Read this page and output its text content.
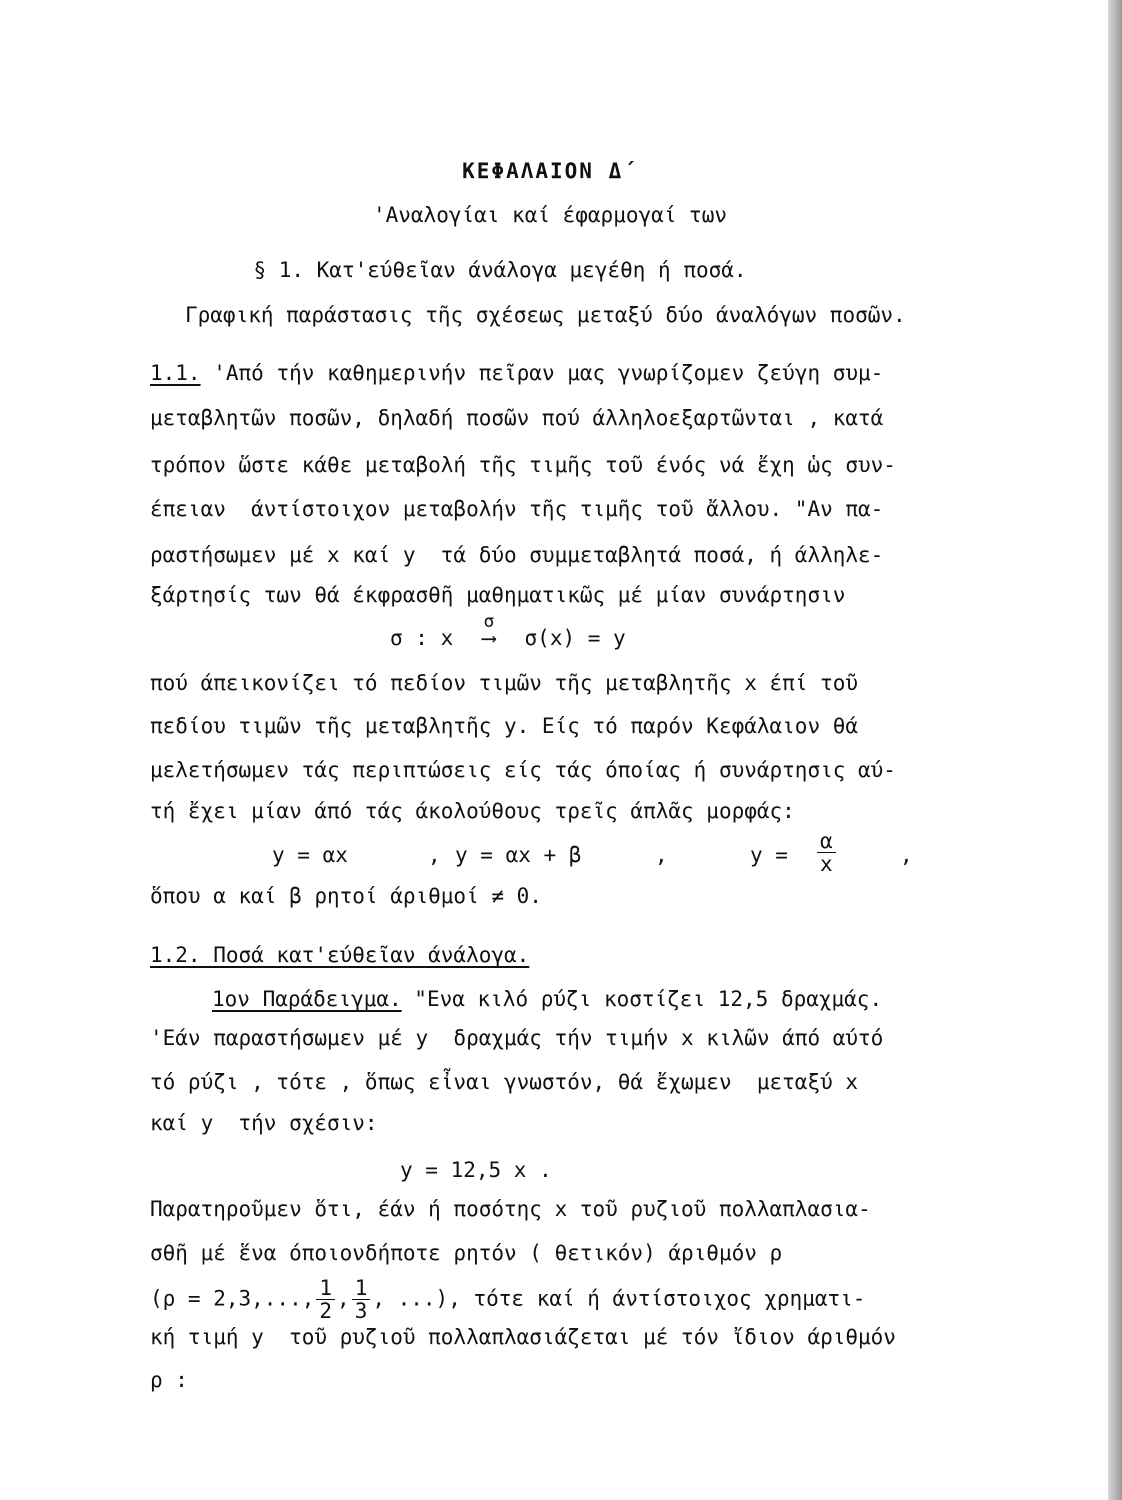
ΚΕΦΑΛΑΙΟΝ Δ΄
'Αναλογίαι καί έφαρμογαί των
§ 1. Κατ'εύθεῖαν άνάλογα μεγέθη ή ποσά.
Γραφική παράστασις τῆς σχέσεως μεταξύ δύο άναλόγων ποσῶν.
1.1. 'Από τήν καθημερινήν πεῖραν μας γνωρίζομεν ζεύγη συμ-
μεταβλητῶν ποσῶν, δηλαδή ποσῶν πού άλληλοεξαρτῶνται , κατά
τρόπον ὥστε κάθε μεταβολή τῆς τιμῆς τοῦ ένός νά ἔχη ὡς συν-
έπειαν  άντίστοιχον μεταβολήν τῆς τιμῆς τοῦ ἄλλου. "Αν πα-
ραστήσωμεν μέ x καί y  τά δύο συμμεταβλητά ποσά, ή άλληλε-
ξάρτησίς των θά έκφρασθῆ μαθηματικῶς μέ μίαν συνάρτησιν
σ : x
σ
⟶ σ(x) = y
πού άπεικονίζει τό πεδίον τιμῶν τῆς μεταβλητῆς x έπί τοῦ
πεδίου τιμῶν τῆς μεταβλητῆς y. Είς τό παρόν Κεφάλαιον θά
μελετήσωμεν τάς περιπτώσεις είς τάς όποίας ή συνάρτησις αύ-
τή ἔχει μίαν άπό τάς άκολούθους τρεῖς άπλᾶς μορφάς:
y = αx	, y = αx + β	,	$y = \frac{\alpha}{x}$	,
ὅπου α καί β ρητοί άριθμοί ≠ 0.
1.2. Ποσά κατ'εύθεῖαν άνάλογα.
1ον Παράδειγμα. "Ενα κιλό ρύζι κοστίζει 12,5 δραχμάς.
'Εάν παραστήσωμεν μέ y  δραχμάς τήν τιμήν x κιλῶν άπό αύτό
τό ρύζι , τότε , ὅπως εἶναι γνωστόν, θά ἔχωμεν  μεταξύ x
καί y  τήν σχέσιν:
y = 12,5 x .
Παρατηροῦμεν ὅτι, έάν ή ποσότης x τοῦ ρυζιοῦ πολλαπλασια-
σθῆ μέ ἕνα όποιονδήποτε ρητόν ( θετικόν) άριθμόν ρ
(ρ = 2,3,..., $\frac{1}{2}$ , $\frac{1}{3}$ , ...), τότε καί ή άντίστοιχος χρηματι-
κή τιμή y  τοῦ ρυζιοῦ πολλαπλασιάζεται μέ τόν ἴδιον άριθμόν
ρ :
